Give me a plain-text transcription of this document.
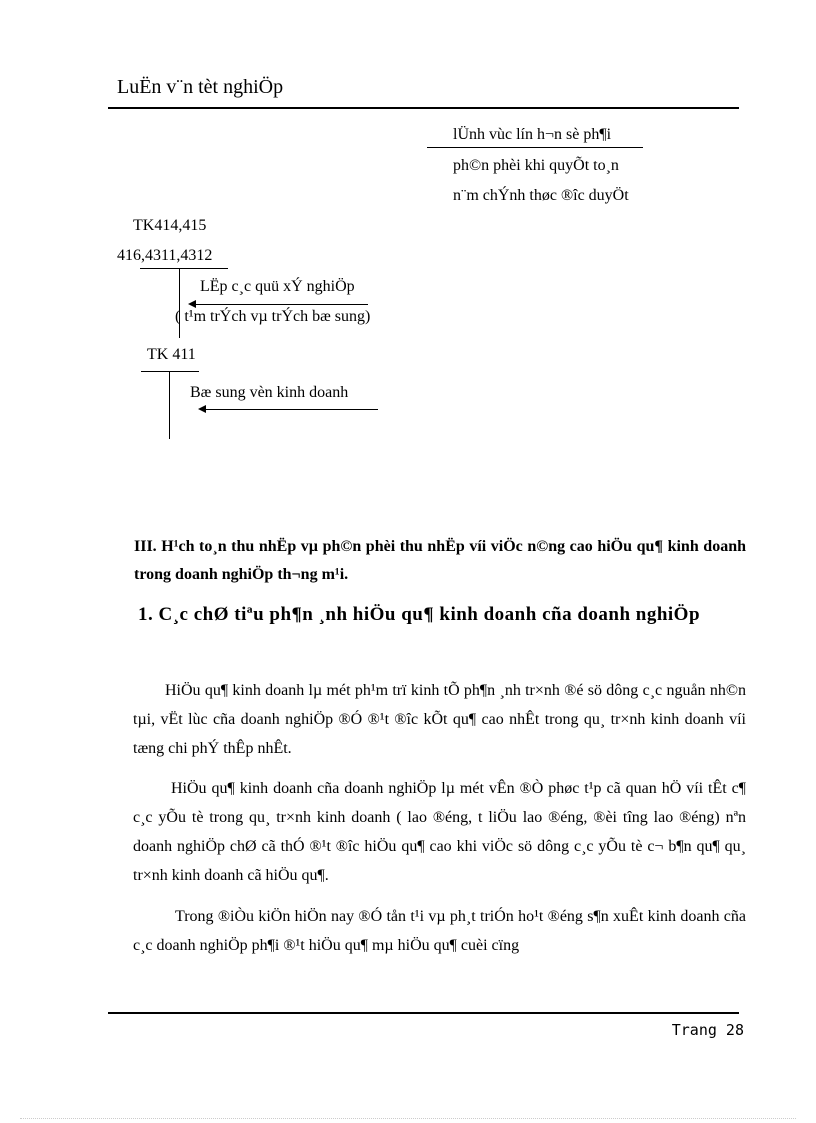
LuËn v¨n tèt nghiÖp
lÜnh vùc lín h¬n sè ph¶i
ph©n phèi khi quyÕt to¸n
n¨m chÝnh thøc ®îc duyÖt
TK414,415
416,4311,4312
LËp c¸c quü xÝ nghiÖp
( t¹m trÝch vµ trÝch bæ sung)
TK 411
Bæ sung vèn kinh doanh
III. H¹ch to¸n thu nhËp vµ ph©n phèi thu nhËp víi viÖc n©ng cao hiÖu qu¶ kinh doanh trong doanh nghiÖp th¬ng m¹i.
1. C¸c chØ tiªu ph¶n ¸nh hiÖu qu¶ kinh doanh cña doanh nghiÖp
HiÖu qu¶ kinh doanh lµ mét ph¹m trï kinh tÕ ph¶n ¸nh tr×nh ®é sö dông c¸c nguån nh©n tµi, vËt lùc cña doanh nghiÖp ®Ó ®¹t ®îc kÕt qu¶ cao nhÊt trong qu¸ tr×nh kinh doanh víi tæng chi phÝ thÊp nhÊt.
HiÖu qu¶ kinh doanh cña doanh nghiÖp lµ mét vÊn ®Ò phøc t¹p cã quan hÖ víi tÊt c¶ c¸c yÕu tè trong qu¸ tr×nh kinh doanh ( lao ®éng, t liÖu lao ®éng, ®èi tîng lao ®éng) nªn doanh nghiÖp chØ cã thÓ ®¹t ®îc hiÖu qu¶ cao khi viÖc sö dông c¸c yÕu tè c¬ b¶n qu¶ qu¸ tr×nh kinh doanh cã hiÖu qu¶.
Trong ®iÒu kiÖn hiÖn nay ®Ó tån t¹i vµ ph¸t triÓn ho¹t ®éng s¶n xuÊt kinh doanh cña c¸c doanh nghiÖp ph¶i ®¹t hiÖu qu¶ mµ hiÖu qu¶ cuèi cïng
Trang 28
